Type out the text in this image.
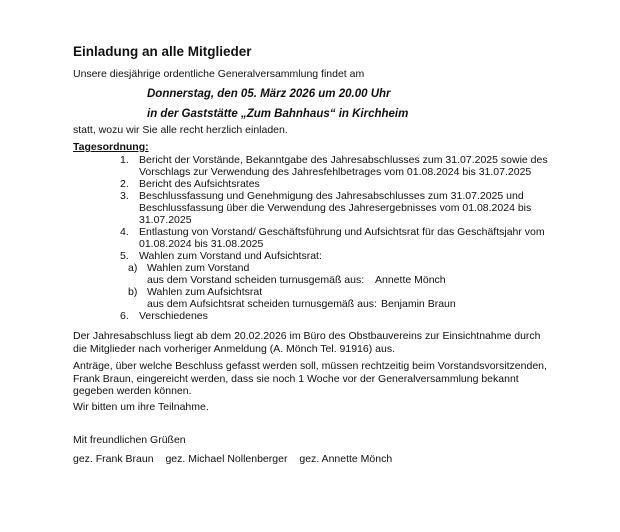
Einladung an alle Mitglieder
Unsere diesjährige ordentliche Generalversammlung findet am
Donnerstag, den 05. März 2026 um 20.00 Uhr
in der Gaststätte „Zum Bahnhaus“ in Kirchheim
statt, wozu wir Sie alle recht herzlich einladen.
Tagesordnung:
1. Bericht der Vorstände, Bekanntgabe des Jahresabschlusses zum 31.07.2025 sowie des
Vorschlags zur Verwendung des Jahresfehlbetrages vom 01.08.2024 bis 31.07.2025
2. Bericht des Aufsichtsrates
3. Beschlussfassung und Genehmigung des Jahresabschlusses zum 31.07.2025 und
Beschlussfassung über die Verwendung des Jahresergebnisses vom 01.08.2024 bis
31.07.2025
4. Entlastung von Vorstand/ Geschäftsführung und Aufsichtsrat für das Geschäftsjahr vom
01.08.2024 bis 31.08.2025
5. Wahlen zum Vorstand und Aufsichtsrat:
a) Wahlen zum Vorstand
aus dem Vorstand scheiden turnusgemäß aus: Annette Mönch
b) Wahlen zum Aufsichtsrat
aus dem Aufsichtsrat scheiden turnusgemäß aus: Benjamin Braun
6. Verschiedenes
Der Jahresabschluss liegt ab dem 20.02.2026 im Büro des Obstbauvereins zur Einsichtnahme durch
die Mitglieder nach vorheriger Anmeldung (A. Mönch Tel. 91916) aus.
Anträge, über welche Beschluss gefasst werden soll, müssen rechtzeitig beim Vorstandsvorsitzenden,
Frank Braun, eingereicht werden, dass sie noch 1 Woche vor der Generalversammlung bekannt
gegeben werden können.
Wir bitten um ihre Teilnahme.
Mit freundlichen Grüßen
gez. Frank Braun gez. Michael Nollenberger gez. Annette Mönch
